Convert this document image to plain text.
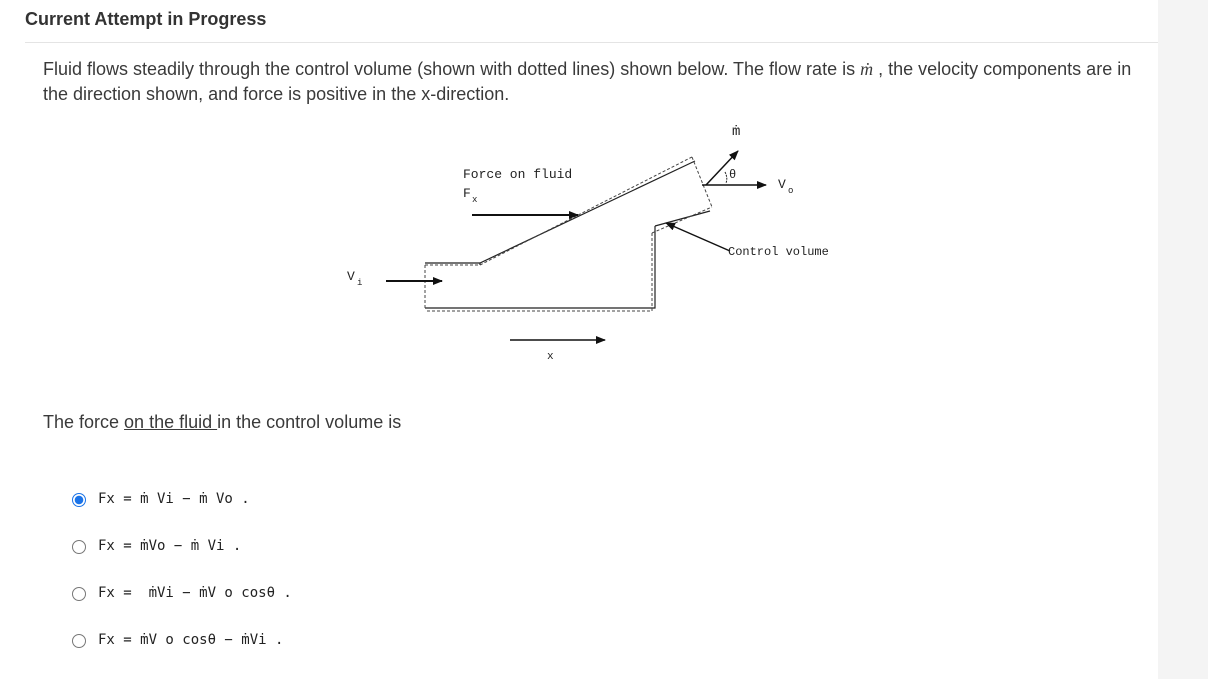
Current Attempt in Progress
Fluid flows steadily through the control volume (shown with dotted lines) shown below. The flow rate is ṁ , the velocity components are in the direction shown, and force is positive in the x-direction.
Force on fluid
F x
θ
ṁ
V o
Control volume
V i
x
The force on the fluid in the control volume is
Fx = ṁ Vi − ṁ Vo .
Fx = ṁVo − ṁ Vi .
Fx =  ṁVi − ṁV o cosθ .
Fx = ṁV o cosθ − ṁVi .
